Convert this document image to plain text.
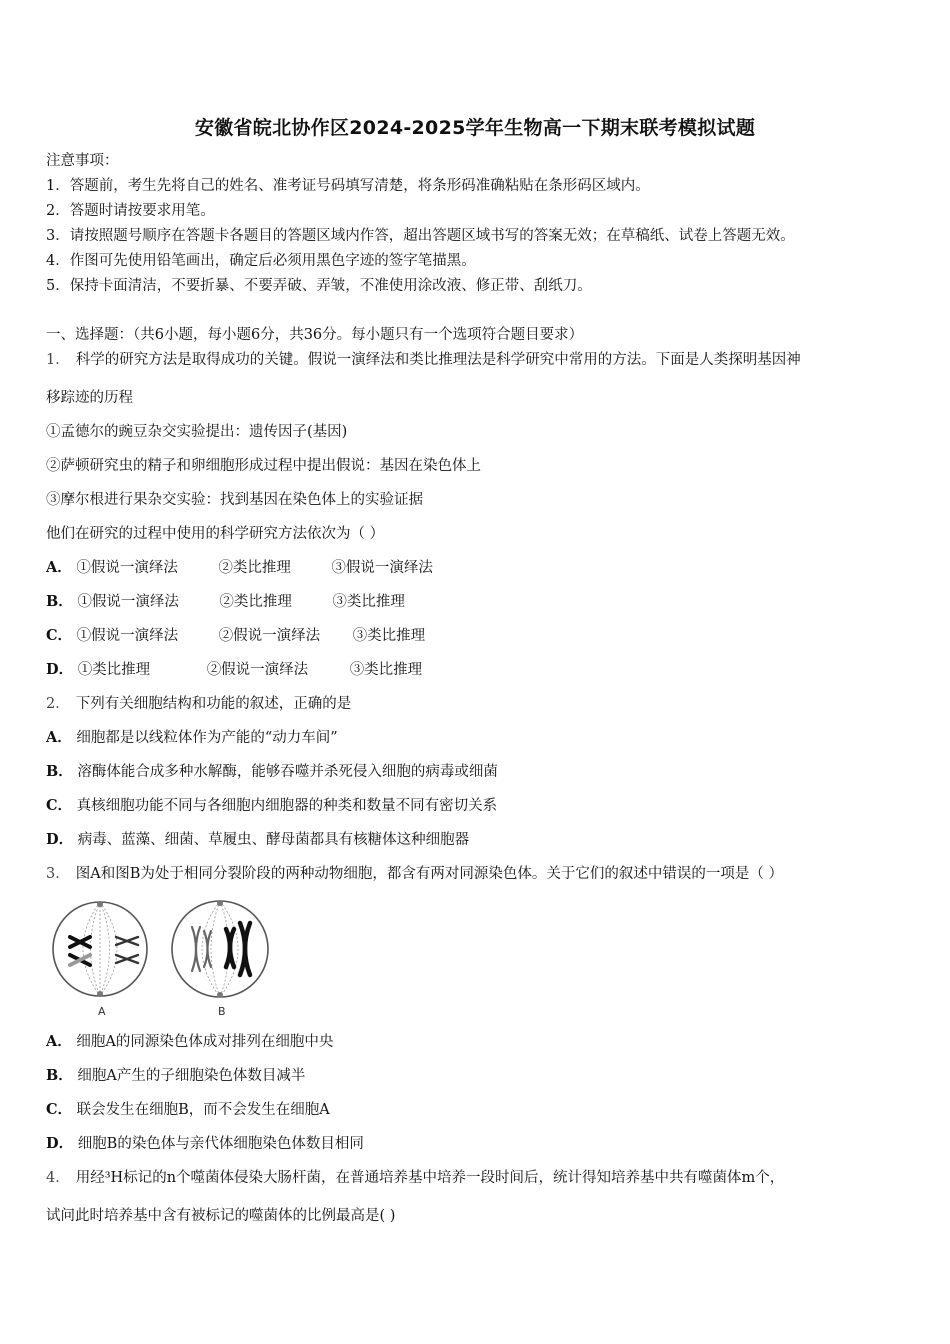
安徽省皖北协作区2024-2025学年生物高一下期末联考模拟试题
注意事项：
1．答题前，考生先将自己的姓名、准考证号码填写清楚，将条形码准确粘贴在条形码区域内。
2．答题时请按要求用笔。
3．请按照题号顺序在答题卡各题目的答题区域内作答，超出答题区域书写的答案无效；在草稿纸、试卷上答题无效。
4．作图可先使用铅笔画出，确定后必须用黑色字迹的签字笔描黑。
5．保持卡面清洁，不要折暴、不要弄破、弄皱，不准使用涂改液、修正带、刮纸刀。
一、选择题：（共6小题，每小题6分，共36分。每小题只有一个选项符合题目要求）
1． 科学的研究方法是取得成功的关键。假说一演绎法和类比推理法是科学研究中常用的方法。下面是人类探明基因神
移踪迹的历程
①孟德尔的豌豆杂交实验提出：遗传因子(基因)
②萨顿研究虫的精子和卵细胞形成过程中提出假说：基因在染色体上
③摩尔根进行果杂交实验：找到基因在染色体上的实验证据
他们在研究的过程中使用的科学研究方法依次为（ ）
A． ①假说一演绎法	②类比推理	③假说一演绎法
B． ①假说一演绎法	②类比推理	③类比推理
C． ①假说一演绎法	②假说一演绎法 ③类比推理
D． ①类比推理	②假说一演绎法	③类比推理
2． 下列有关细胞结构和功能的叙述，正确的是
A． 细胞都是以线粒体作为产能的“动力车间”
B． 溶酶体能合成多种水解酶，能够吞噬并杀死侵入细胞的病毒或细菌
C． 真核细胞功能不同与各细胞内细胞器的种类和数量不同有密切关系
D． 病毒、蓝藻、细菌、草履虫、酵母菌都具有核糖体这种细胞器
3． 图A和图B为处于相同分裂阶段的两种动物细胞，都含有两对同源染色体。关于它们的叙述中错误的一项是（ ）
A	B
A． 细胞A的同源染色体成对排列在细胞中央
B． 细胞A产生的子细胞染色体数目减半
C． 联会发生在细胞B，而不会发生在细胞A
D． 细胞B的染色体与亲代体细胞染色体数目相同
4． 用经³H标记的n个噬菌体侵染大肠杆菌，在普通培养基中培养一段时间后，统计得知培养基中共有噬菌体m个，
试问此时培养基中含有被标记的噬菌体的比例最高是( )
